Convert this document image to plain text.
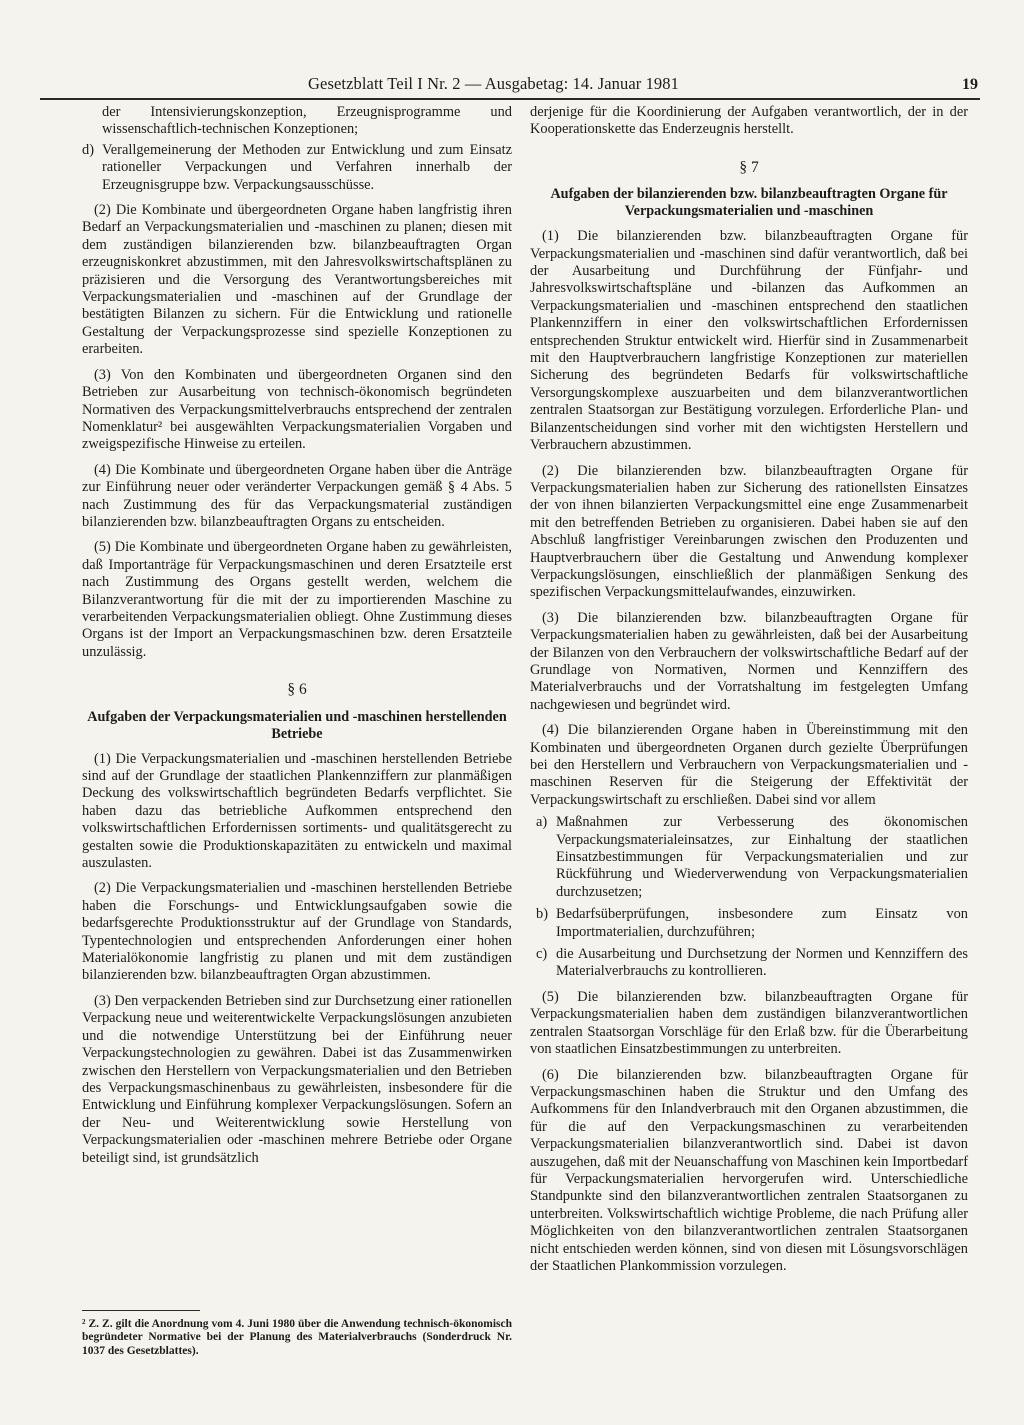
Gesetzblatt Teil I Nr. 2 — Ausgabetag: 14. Januar 1981	19

der Intensivierungskonzeption, Erzeugnisprogramme und wissenschaftlich-technischen Konzeptionen;

d) Verallgemeinerung der Methoden zur Entwicklung und zum Einsatz rationeller Verpackungen und Verfahren innerhalb der Erzeugnisgruppe bzw. Verpackungsausschüsse.

(2) Die Kombinate und übergeordneten Organe haben langfristig ihren Bedarf an Verpackungsmaterialien und -maschinen zu planen; diesen mit dem zuständigen bilanzierenden bzw. bilanzbeauftragten Organ erzeugniskonkret abzustimmen, mit den Jahresvolkswirtschaftsplänen zu präzisieren und die Versorgung des Verantwortungsbereiches mit Verpackungsmaterialien und -maschinen auf der Grundlage der bestätigten Bilanzen zu sichern. Für die Entwicklung und rationelle Gestaltung der Verpackungsprozesse sind spezielle Konzeptionen zu erarbeiten.

(3) Von den Kombinaten und übergeordneten Organen sind den Betrieben zur Ausarbeitung von technisch-ökonomisch begründeten Normativen des Verpackungsmittelverbrauchs entsprechend der zentralen Nomenklatur² bei ausgewählten Verpackungsmaterialien Vorgaben und zweigspezifische Hinweise zu erteilen.

(4) Die Kombinate und übergeordneten Organe haben über die Anträge zur Einführung neuer oder veränderter Verpackungen gemäß § 4 Abs. 5 nach Zustimmung des für das Verpackungsmaterial zuständigen bilanzierenden bzw. bilanzbeauftragten Organs zu entscheiden.

(5) Die Kombinate und übergeordneten Organe haben zu gewährleisten, daß Importanträge für Verpackungsmaschinen und deren Ersatzteile erst nach Zustimmung des Organs gestellt werden, welchem die Bilanzverantwortung für die mit der zu importierenden Maschine zu verarbeitenden Verpackungsmaterialien obliegt. Ohne Zustimmung dieses Organs ist der Import an Verpackungsmaschinen bzw. deren Ersatzteile unzulässig.

§ 6
Aufgaben der Verpackungsmaterialien und -maschinen herstellenden Betriebe

(1) Die Verpackungsmaterialien und -maschinen herstellenden Betriebe sind auf der Grundlage der staatlichen Plankennziffern zur planmäßigen Deckung des volkswirtschaftlich begründeten Bedarfs verpflichtet. Sie haben dazu das betriebliche Aufkommen entsprechend den volkswirtschaftlichen Erfordernissen sortiments- und qualitätsgerecht zu gestalten sowie die Produktionskapazitäten zu entwickeln und maximal auszulasten.

(2) Die Verpackungsmaterialien und -maschinen herstellenden Betriebe haben die Forschungs- und Entwicklungsaufgaben sowie die bedarfsgerechte Produktionsstruktur auf der Grundlage von Standards, Typentechnologien und entsprechenden Anforderungen einer hohen Materialökonomie langfristig zu planen und mit dem zuständigen bilanzierenden bzw. bilanzbeauftragten Organ abzustimmen.

(3) Den verpackenden Betrieben sind zur Durchsetzung einer rationellen Verpackung neue und weiterentwickelte Verpackungslösungen anzubieten und die notwendige Unterstützung bei der Einführung neuer Verpackungstechnologien zu gewähren. Dabei ist das Zusammenwirken zwischen den Herstellern von Verpackungsmaterialien und den Betrieben des Verpackungsmaschinenbaus zu gewährleisten, insbesondere für die Entwicklung und Einführung komplexer Verpackungslösungen. Sofern an der Neu- und Weiterentwicklung sowie Herstellung von Verpackungsmaterialien oder -maschinen mehrere Betriebe oder Organe beteiligt sind, ist grundsätzlich

² Z. Z. gilt die Anordnung vom 4. Juni 1980 über die Anwendung technisch-ökonomisch begründeter Normative bei der Planung des Materialverbrauchs (Sonderdruck Nr. 1037 des Gesetzblattes).

derjenige für die Koordinierung der Aufgaben verantwortlich, der in der Kooperationskette das Enderzeugnis herstellt.

§ 7
Aufgaben der bilanzierenden bzw. bilanzbeauftragten Organe für Verpackungsmaterialien und -maschinen

(1) Die bilanzierenden bzw. bilanzbeauftragten Organe für Verpackungsmaterialien und -maschinen sind dafür verantwortlich, daß bei der Ausarbeitung und Durchführung der Fünfjahr- und Jahresvolkswirtschaftspläne und -bilanzen das Aufkommen an Verpackungsmaterialien und -maschinen entsprechend den staatlichen Plankennziffern in einer den volkswirtschaftlichen Erfordernissen entsprechenden Struktur entwickelt wird. Hierfür sind in Zusammenarbeit mit den Hauptverbrauchern langfristige Konzeptionen zur materiellen Sicherung des begründeten Bedarfs für volkswirtschaftliche Versorgungskomplexe auszuarbeiten und dem bilanzverantwortlichen zentralen Staatsorgan zur Bestätigung vorzulegen. Erforderliche Plan- und Bilanzentscheidungen sind vorher mit den wichtigsten Herstellern und Verbrauchern abzustimmen.

(2) Die bilanzierenden bzw. bilanzbeauftragten Organe für Verpackungsmaterialien haben zur Sicherung des rationellsten Einsatzes der von ihnen bilanzierten Verpackungsmittel eine enge Zusammenarbeit mit den betreffenden Betrieben zu organisieren. Dabei haben sie auf den Abschluß langfristiger Vereinbarungen zwischen den Produzenten und Hauptverbrauchern über die Gestaltung und Anwendung komplexer Verpackungslösungen, einschließlich der planmäßigen Senkung des spezifischen Verpackungsmittelaufwandes, einzuwirken.

(3) Die bilanzierenden bzw. bilanzbeauftragten Organe für Verpackungsmaterialien haben zu gewährleisten, daß bei der Ausarbeitung der Bilanzen von den Verbrauchern der volkswirtschaftliche Bedarf auf der Grundlage von Normativen, Normen und Kennziffern des Materialverbrauchs und der Vorratshaltung im festgelegten Umfang nachgewiesen und begründet wird.

(4) Die bilanzierenden Organe haben in Übereinstimmung mit den Kombinaten und übergeordneten Organen durch gezielte Überprüfungen bei den Herstellern und Verbrauchern von Verpackungsmaterialien und -maschinen Reserven für die Steigerung der Effektivität der Verpackungswirtschaft zu erschließen. Dabei sind vor allem

a) Maßnahmen zur Verbesserung des ökonomischen Verpackungsmaterialeinsatzes, zur Einhaltung der staatlichen Einsatzbestimmungen für Verpackungsmaterialien und zur Rückführung und Wiederverwendung von Verpackungsmaterialien durchzusetzen;
b) Bedarfsüberprüfungen, insbesondere zum Einsatz von Importmaterialien, durchzuführen;
c) die Ausarbeitung und Durchsetzung der Normen und Kennziffern des Materialverbrauchs zu kontrollieren.

(5) Die bilanzierenden bzw. bilanzbeauftragten Organe für Verpackungsmaterialien haben dem zuständigen bilanzverantwortlichen zentralen Staatsorgan Vorschläge für den Erlaß bzw. für die Überarbeitung von staatlichen Einsatzbestimmungen zu unterbreiten.

(6) Die bilanzierenden bzw. bilanzbeauftragten Organe für Verpackungsmaschinen haben die Struktur und den Umfang des Aufkommens für den Inlandverbrauch mit den Organen abzustimmen, die für die auf den Verpackungsmaschinen zu verarbeitenden Verpackungsmaterialien bilanzverantwortlich sind. Dabei ist davon auszugehen, daß mit der Neuanschaffung von Maschinen kein Importbedarf für Verpackungsmaterialien hervorgerufen wird. Unterschiedliche Standpunkte sind den bilanzverantwortlichen zentralen Staatsorganen zu unterbreiten. Volkswirtschaftlich wichtige Probleme, die nach Prüfung aller Möglichkeiten von den bilanzverantwortlichen zentralen Staatsorganen nicht entschieden werden können, sind von diesen mit Lösungsvorschlägen der Staatlichen Plankommission vorzulegen.
